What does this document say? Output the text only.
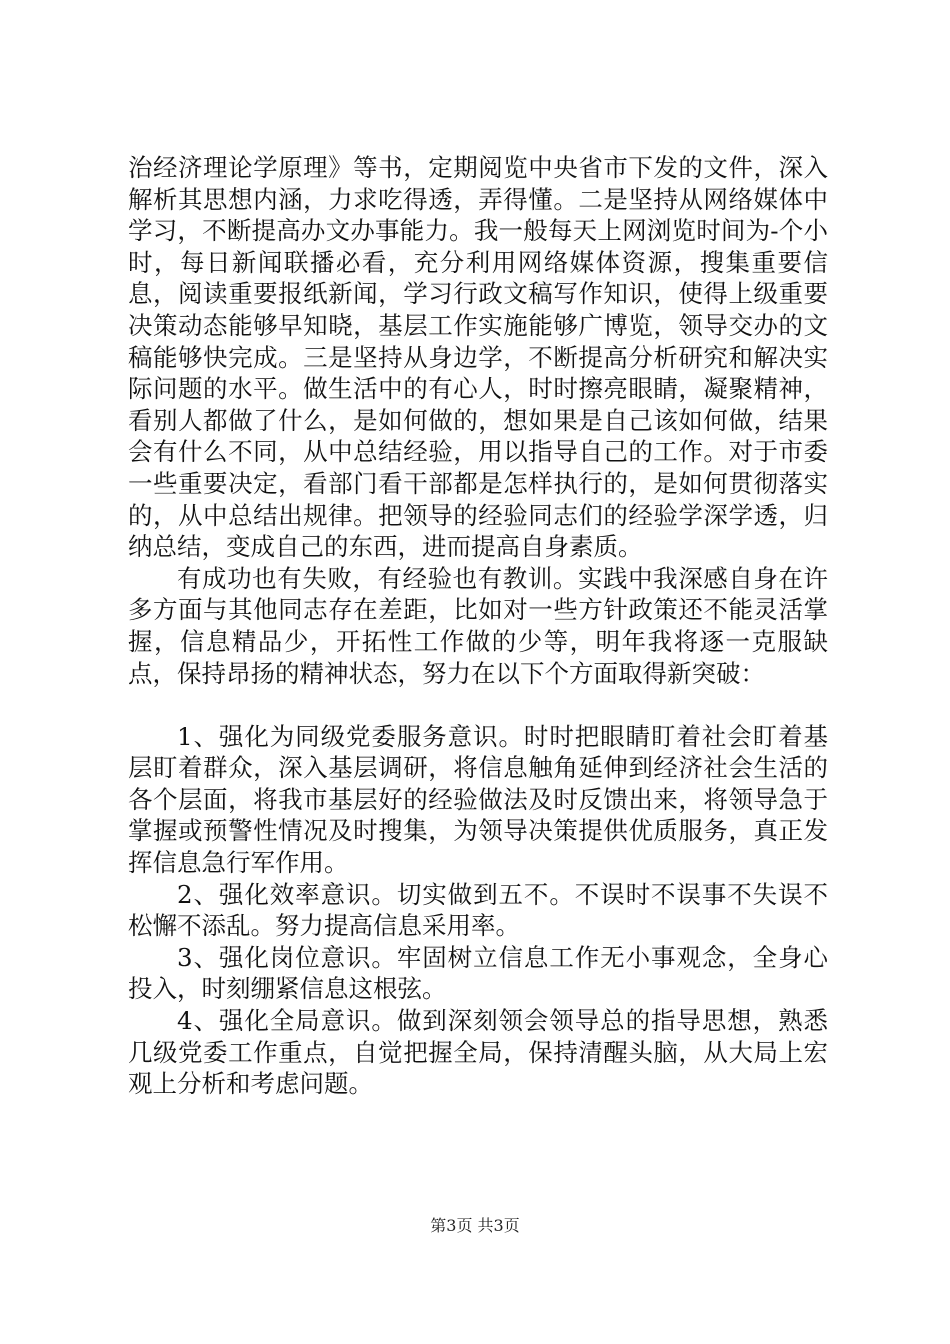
治经济理论学原理》等书，定期阅览中央省市下发的文件，深入解析其思想内涵，力求吃得透，弄得懂。二是坚持从网络媒体中学习，不断提高办文办事能力。我一般每天上网浏览时间为-个小时，每日新闻联播必看，充分利用网络媒体资源，搜集重要信息，阅读重要报纸新闻，学习行政文稿写作知识，使得上级重要决策动态能够早知晓，基层工作实施能够广博览，领导交办的文稿能够快完成。三是坚持从身边学，不断提高分析研究和解决实际问题的水平。做生活中的有心人，时时擦亮眼睛，凝聚精神，看别人都做了什么，是如何做的，想如果是自己该如何做，结果会有什么不同，从中总结经验，用以指导自己的工作。对于市委一些重要决定，看部门看干部都是怎样执行的，是如何贯彻落实的，从中总结出规律。把领导的经验同志们的经验学深学透，归纳总结，变成自己的东西，进而提高自身素质。

有成功也有失败，有经验也有教训。实践中我深感自身在许多方面与其他同志存在差距，比如对一些方针政策还不能灵活掌握，信息精品少，开拓性工作做的少等，明年我将逐一克服缺点，保持昂扬的精神状态，努力在以下个方面取得新突破：

1、强化为同级党委服务意识。时时把眼睛盯着社会盯着基层盯着群众，深入基层调研，将信息触角延伸到经济社会生活的各个层面，将我市基层好的经验做法及时反馈出来，将领导急于掌握或预警性情况及时搜集，为领导决策提供优质服务，真正发挥信息急行军作用。

2、强化效率意识。切实做到五不。不误时不误事不失误不松懈不添乱。努力提高信息采用率。

3、强化岗位意识。牢固树立信息工作无小事观念，全身心投入，时刻绷紧信息这根弦。

4、强化全局意识。做到深刻领会领导总的指导思想，熟悉几级党委工作重点，自觉把握全局，保持清醒头脑，从大局上宏观上分析和考虑问题。

第3页 共3页
